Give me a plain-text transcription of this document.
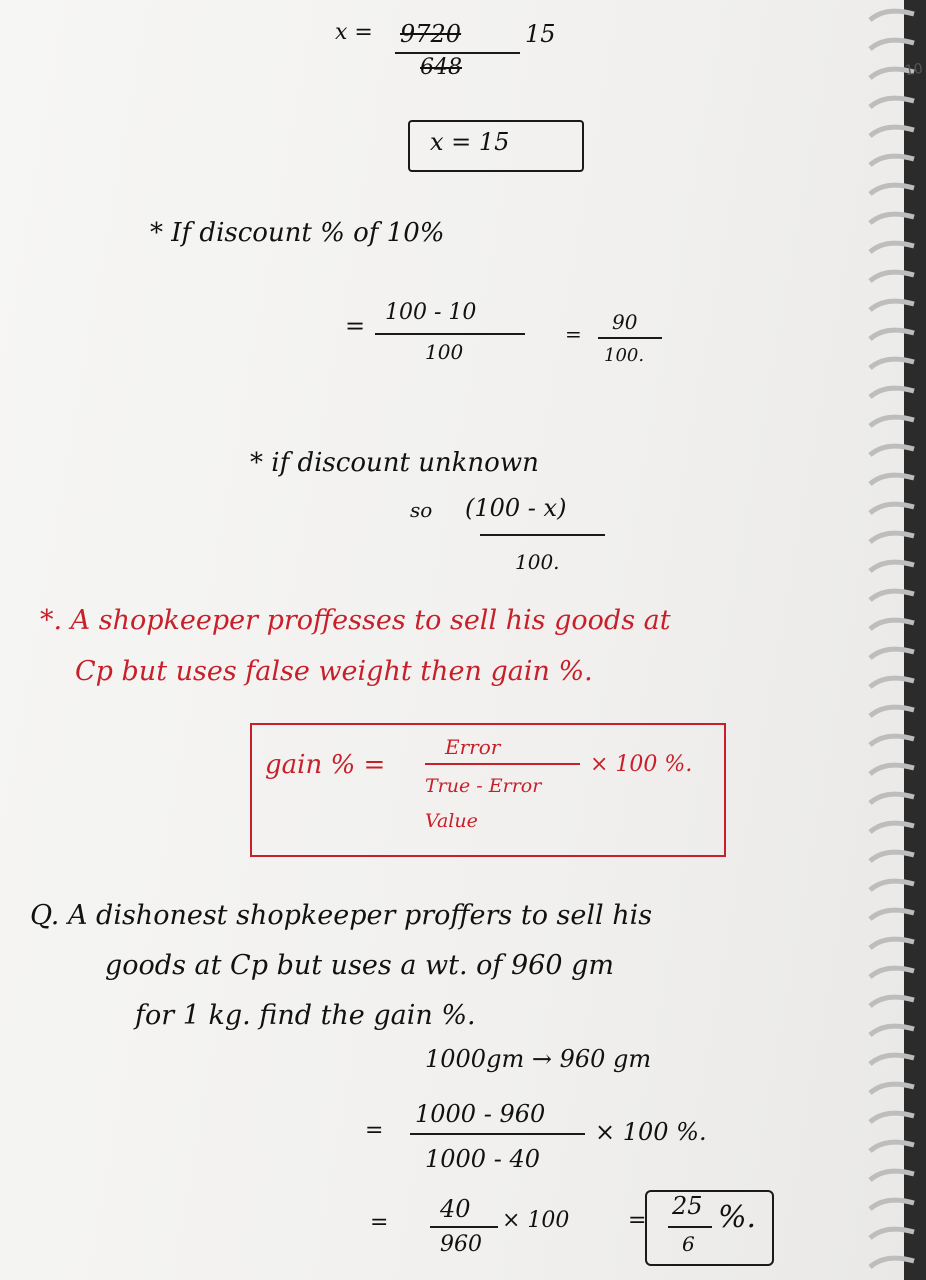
10
x = 9720	15
648
x = 15
* If discount % of 10%
= 100 - 10
100
= 90
100.
* if discount unknown
so (100 - x)
100.
*. A shopkeeper proffesses to sell his goods at
Cp but uses false weight then gain %.
gain % =
Error
True - Error
Value
× 100 %.
Q. A dishonest shopkeeper proffers to sell his
goods at Cp but uses a wt. of 960 gm
for 1 kg. find the gain %.
1000gm → 960 gm
=
1000 - 960
1000 - 40
× 100 %.
= 40
960
× 100	=
25
6
%.
